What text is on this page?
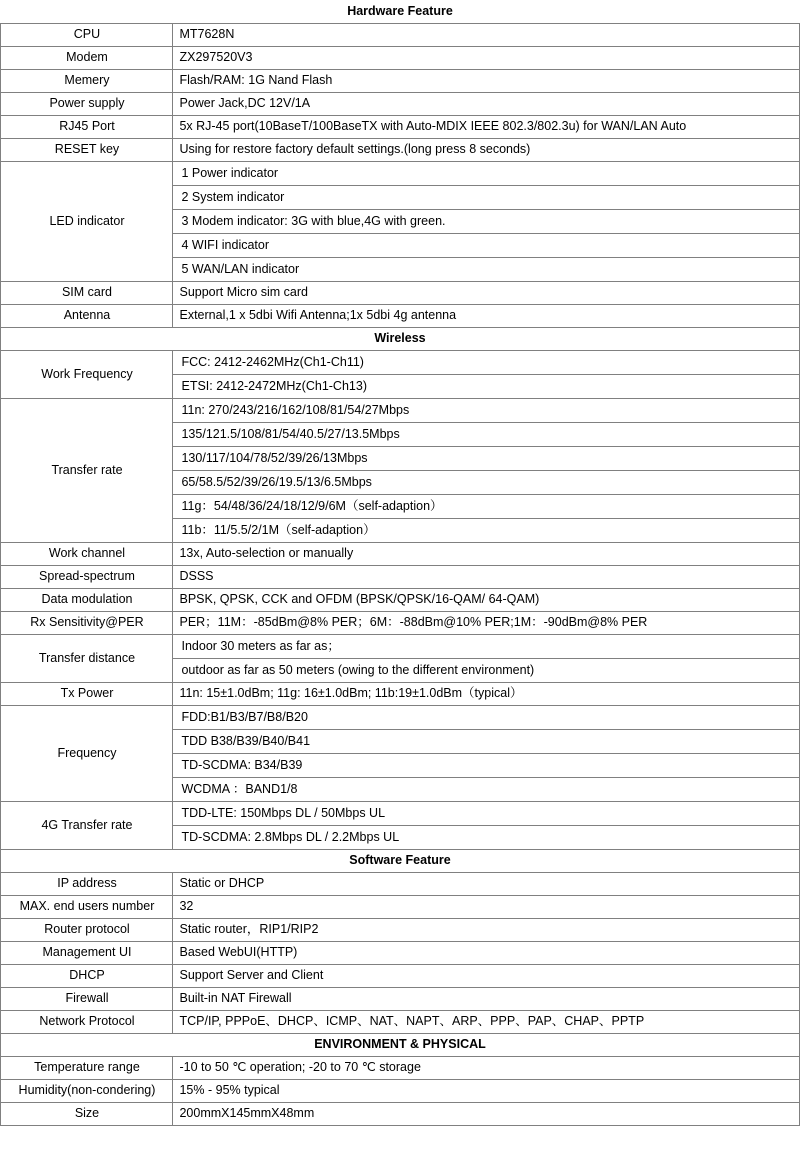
Hardware Feature	
CPU	MT7628N
Modem	ZX297520V3
Memery	Flash/RAM: 1G Nand Flash
Power supply	Power Jack,DC 12V/1A
RJ45 Port	5x RJ-45 port(10BaseT/100BaseTX with Auto-MDIX IEEE 802.3/802.3u) for WAN/LAN Auto
RESET key	Using for restore factory default settings.(long press 8 seconds)
LED indicator	1 Power indicator
2 System indicator
3 Modem indicator: 3G with blue,4G with green.
4 WIFI indicator
5 WAN/LAN indicator

SIM card	Support Micro sim card
Antenna	External,1 x 5dbi Wifi Antenna;1x 5dbi 4g antenna
Wireless	
Work Frequency	FCC: 2412-2462MHz(Ch1-Ch11)
ETSI: 2412-2472MHz(Ch1-Ch13)

Transfer rate	
11n: 270/243/216/162/108/81/54/27Mbps
135/121.5/108/81/54/40.5/27/13.5Mbps
130/117/104/78/52/39/26/13Mbps
65/58.5/52/39/26/19.5/13/6.5Mbps
11g：54/48/36/24/18/12/9/6M（self-adaption）
11b：11/5.5/2/1M（self-adaption）

Work channel	13x, Auto-selection or manually
Spread-spectrum	DSSS
Data modulation	BPSK, QPSK, CCK and OFDM (BPSK/QPSK/16-QAM/ 64-QAM)
Rx Sensitivity@PER	PER；11M：-85dBm@8% PER；6M：-88dBm@10% PER;1M：-90dBm@8% PER
Transfer distance	Indoor 30 meters as far as；
outdoor as far as 50 meters (owing to the different environment)

Tx Power	11n: 15±1.0dBm; 11g: 16±1.0dBm; 11b:19±1.0dBm（typical）
Frequency	FDD:B1/B3/B7/B8/B20
TDD B38/B39/B40/B41
TD-SCDMA: B34/B39
WCDMA ：BAND1/8

4G Transfer rate	TDD-LTE: 150Mbps DL / 50Mbps UL
TD-SCDMA: 2.8Mbps DL / 2.2Mbps UL

Software Feature	
IP address	Static or DHCP
MAX. end users number	32
Router protocol	Static router，RIP1/RIP2
Management UI	Based WebUI(HTTP)
DHCP	Support Server and Client
Firewall	Built-in NAT Firewall
Network Protocol	TCP/IP, PPPoE、DHCP、ICMP、NAT、NAPT、ARP、PPP、PAP、CHAP、PPTP
ENVIRONMENT & PHYSICAL	
Temperature range	-10 to 50 ℃ operation; -20 to 70 ℃ storage
Humidity(non-condering)	15% - 95% typical
Size	200mmX145mmX48mm
